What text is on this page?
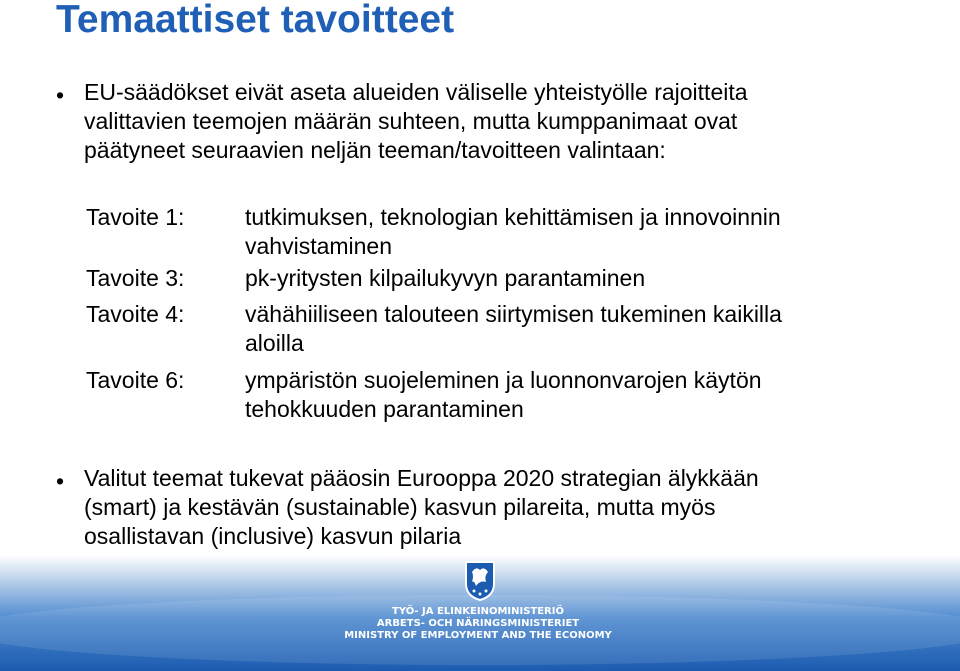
Temaattiset tavoitteet
• EU-säädökset eivät aseta alueiden väliselle yhteistyölle rajoitteita
valittavien teemojen määrän suhteen, mutta kumppanimaat ovat
päätyneet seuraavien neljän teeman/tavoitteen valintaan:
Tavoite 1:	tutkimuksen, teknologian kehittämisen ja innovoinnin
vahvistaminen
Tavoite 3:	pk-yritysten kilpailukyvyn parantaminen
Tavoite 4:	vähähiiliseen talouteen siirtymisen tukeminen kaikilla
aloilla
Tavoite 6:	ympäristön suojeleminen ja luonnonvarojen käytön
tehokkuuden parantaminen
• Valitut teemat tukevat pääosin Eurooppa 2020 strategian älykkään
(smart) ja kestävän (sustainable) kasvun pilareita, mutta myös
osallistavan (inclusive) kasvun pilaria
TYÖ- JA ELINKEINOMINISTERIÖ
ARBETS- OCH NÄRINGSMINISTERIET
MINISTRY OF EMPLOYMENT AND THE ECONOMY
